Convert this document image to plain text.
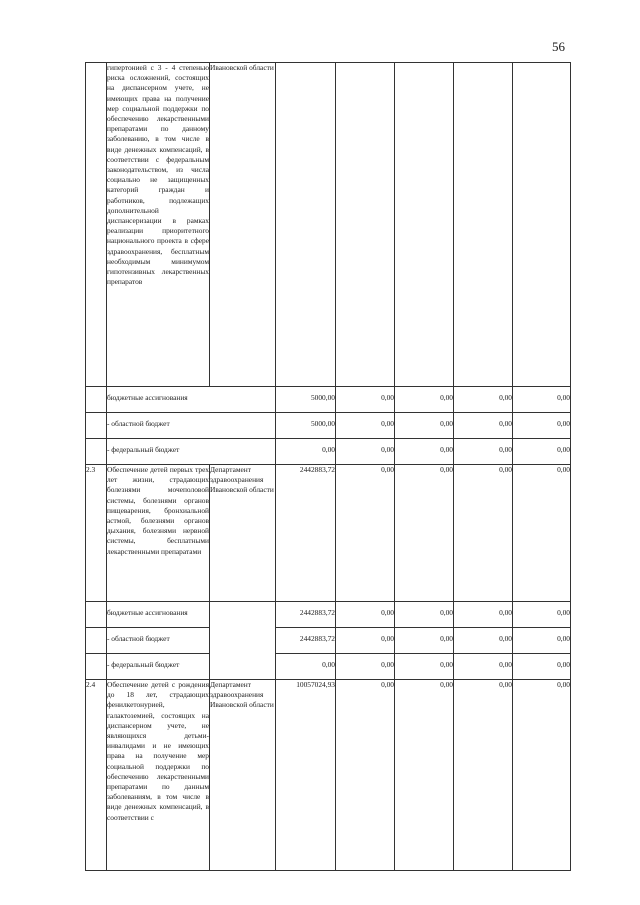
56
	гипертонией с 3 - 4 степенью риска осложнений, состоящих на диспансерном учете, не имеющих права на получение мер социальной поддержки по обеспечению лекарственными препаратами по данному заболеванию, в том числе в виде денежных компенсаций, в соответствии с федеральным законодательством, из числа социально не защищенных категорий граждан и работников, подлежащих дополнительной диспансеризации в рамках реализации приоритетного национального проекта в сфере здравоохранения, бесплатным необходимым минимумом гипотензивных лекарственных препаратов	Ивановской области					
	бюджетные ассигнования		5000,00	0,00	0,00	0,00	0,00
	- областной бюджет		5000,00	0,00	0,00	0,00	0,00
	- федеральный бюджет		0,00	0,00	0,00	0,00	0,00
2.3	Обеспечение детей первых трех лет жизни, страдающих болезнями мочеполовой системы, болезнями органов пищеварения, бронхиальной астмой, болезнями органов дыхания, болезнями нервной системы, бесплатными лекарственными препаратами	Департамент здравоохранения Ивановской области	2442883,72	0,00	0,00	0,00	0,00
	бюджетные ассигнования		2442883,72	0,00	0,00	0,00	0,00
	- областной бюджет		2442883,72	0,00	0,00	0,00	0,00
	- федеральный бюджет		0,00	0,00	0,00	0,00	0,00
2.4	Обеспечение детей с рождения до 18 лет, страдающих фенилкетонурией, галактоземией, состоящих на диспансерном учете, не являющихся детьми-инвалидами и не имеющих права на получение мер социальной поддержки по обеспечению лекарственными препаратами по данным заболеваниям, в том числе в виде денежных компенсаций, в соответствии с	Департамент здравоохранения Ивановской области	10057024,93	0,00	0,00	0,00	0,00
